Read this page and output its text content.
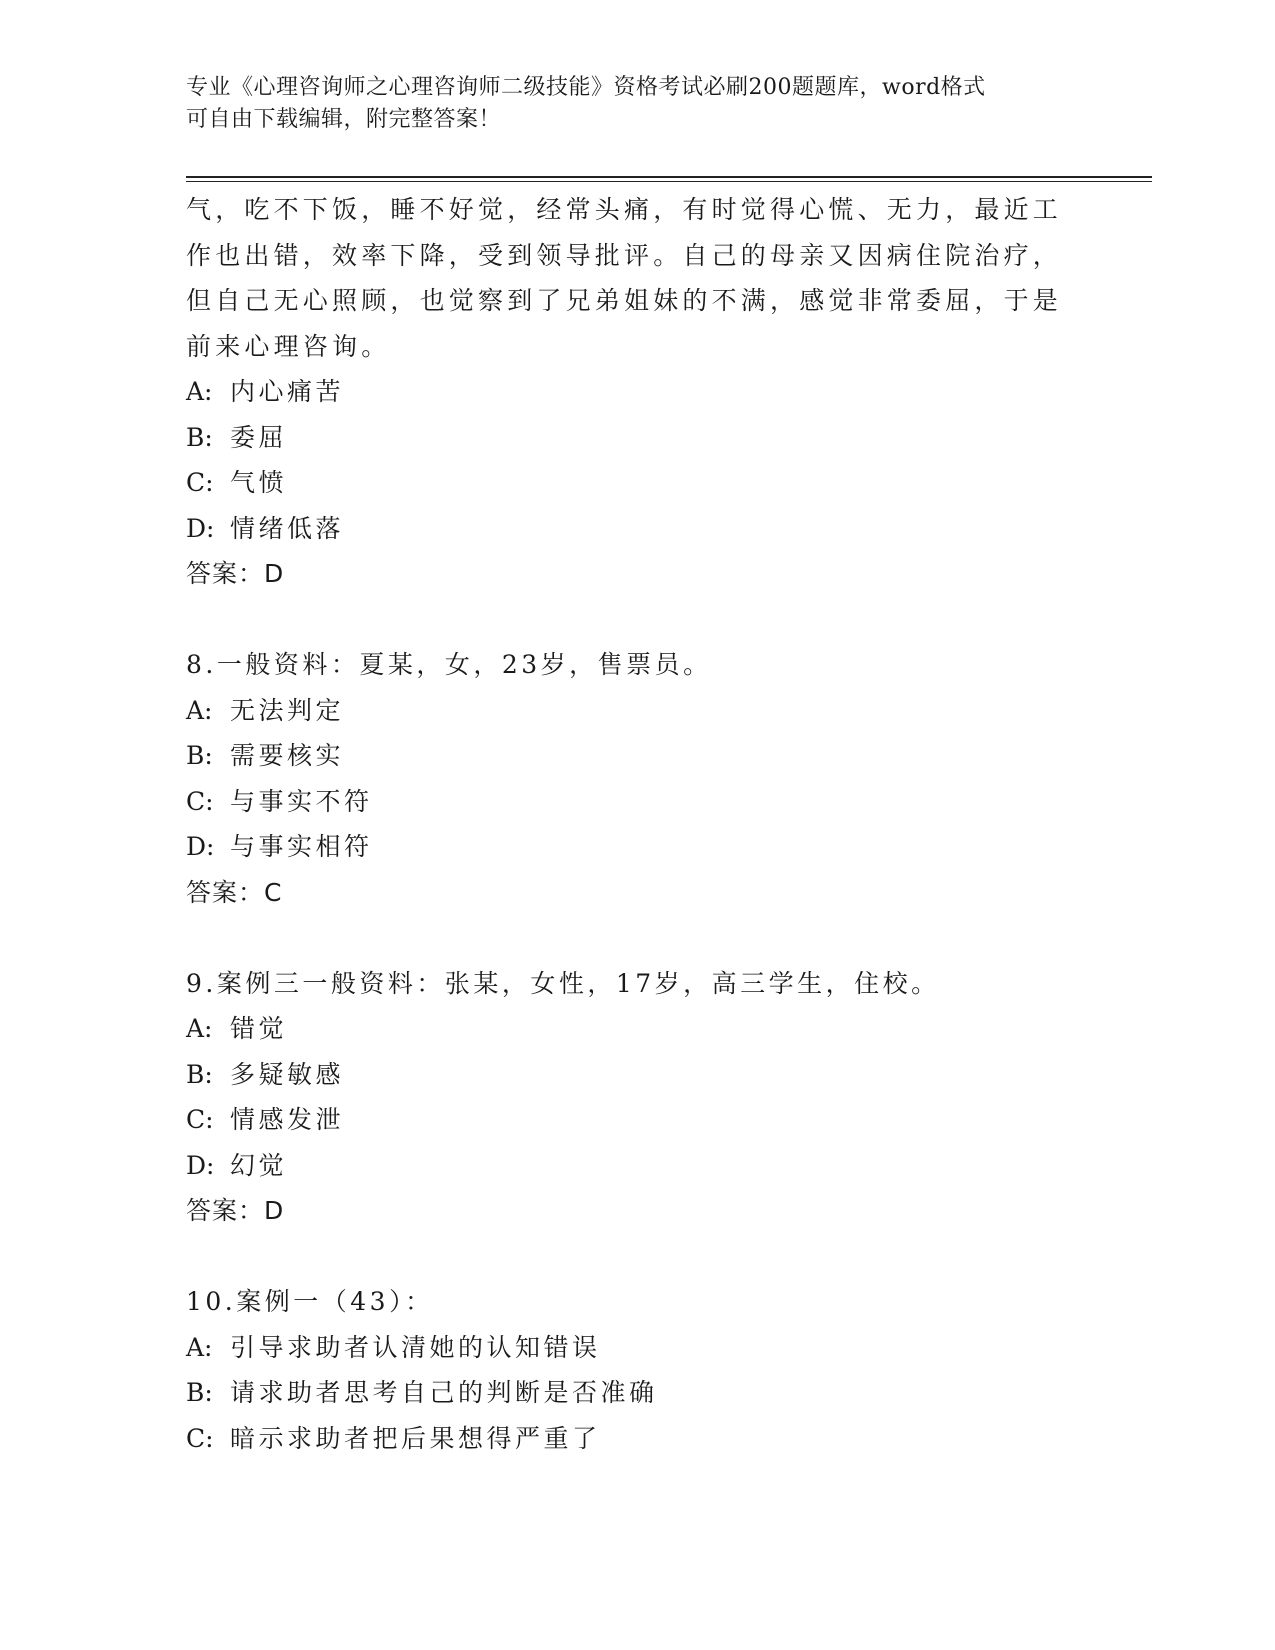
专业《心理咨询师之心理咨询师二级技能》资格考试必刷200题题库，word格式
可自由下载编辑，附完整答案！
气，吃不下饭，睡不好觉，经常头痛，有时觉得心慌、无力，最近工
作也出错，效率下降，受到领导批评。自己的母亲又因病住院治疗，
但自己无心照顾，也觉察到了兄弟姐妹的不满，感觉非常委屈，于是
前来心理咨询。
A: 内心痛苦
B: 委屈
C: 气愤
D: 情绪低落
答案：D
8.一般资料：夏某，女，23岁，售票员。
A: 无法判定
B: 需要核实
C: 与事实不符
D: 与事实相符
答案：C
9.案例三一般资料：张某，女性，17岁，高三学生，住校。
A: 错觉
B: 多疑敏感
C: 情感发泄
D: 幻觉
答案：D
10.案例一（43）：
A: 引导求助者认清她的认知错误
B: 请求助者思考自己的判断是否准确
C: 暗示求助者把后果想得严重了
